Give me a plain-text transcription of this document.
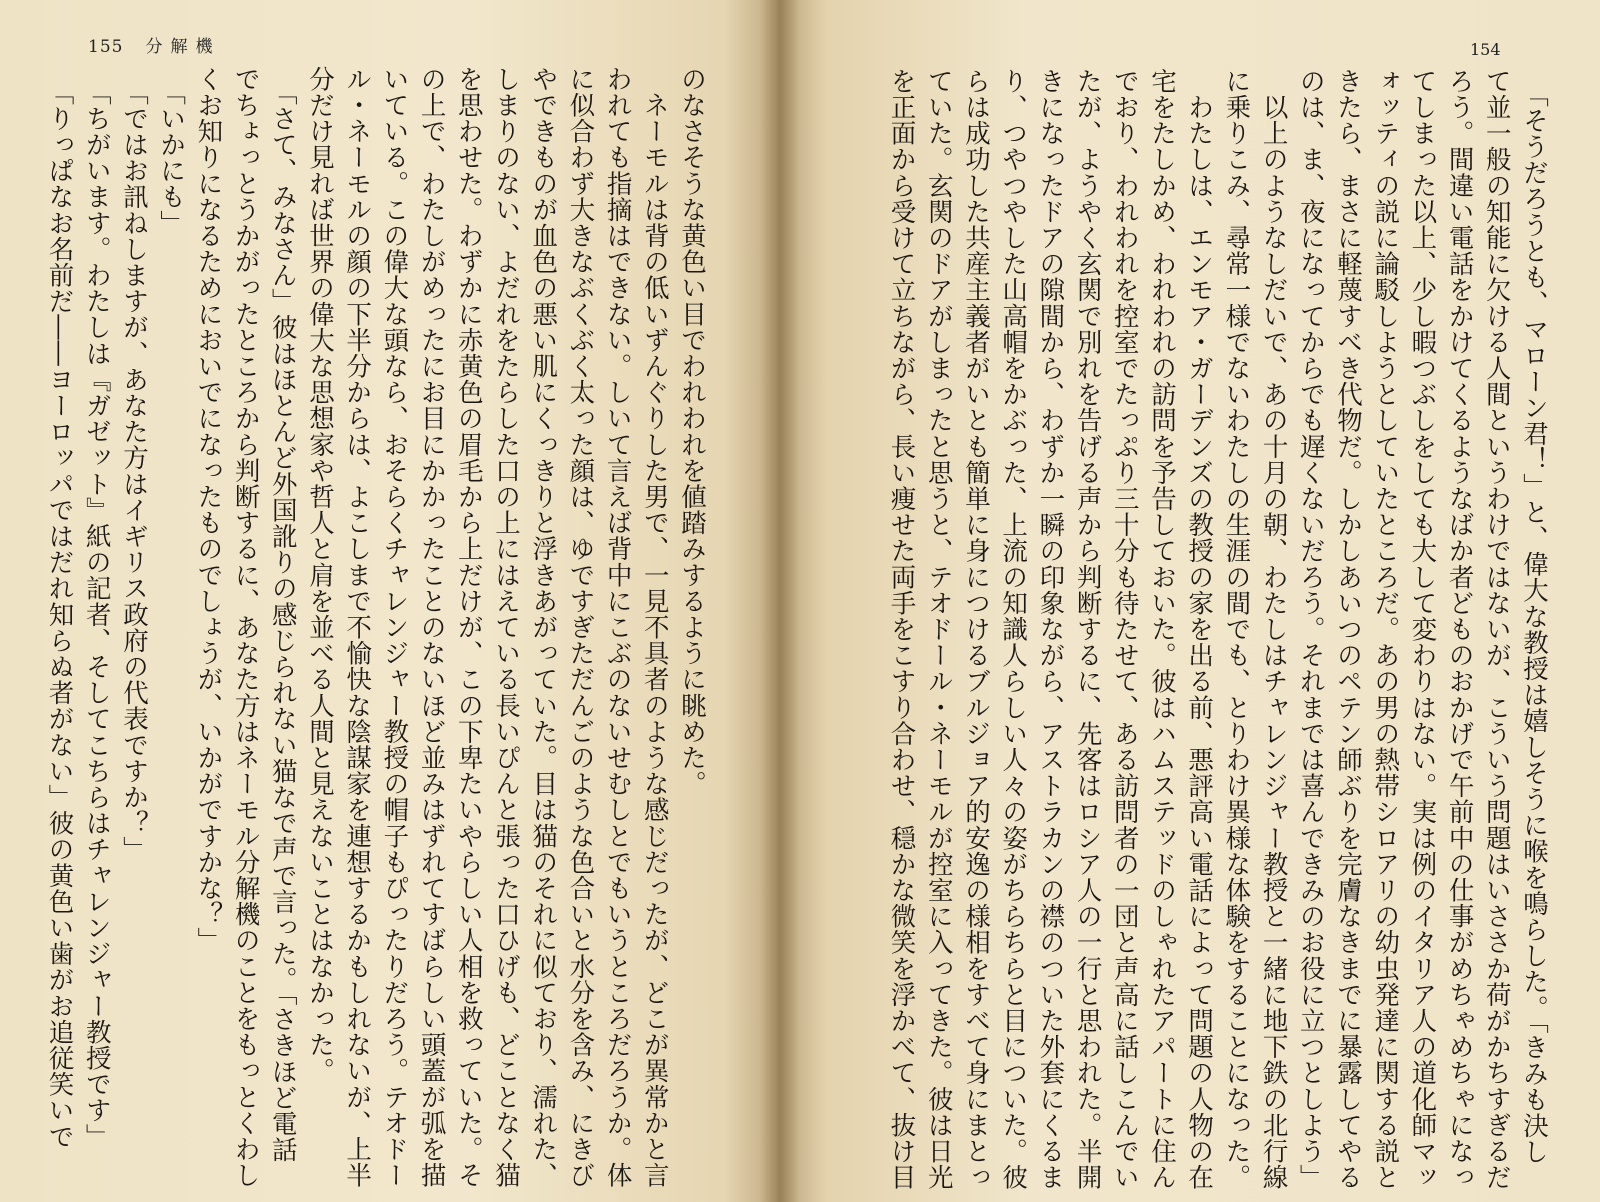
155 分解機
のなさそうな黄色い目でわれわれを値踏みするように眺めた。
　ネーモルは背の低いずんぐりした男で、一見不具者のような感じだったが、どこが異常かと言
われても指摘はできない。しいて言えば背中にこぶのないせむしとでもいうところだろうか。体
に似合わず大きなぶくぶく太った顔は、ゆですぎただんごのような色合いと水分を含み、にきび
やできものが血色の悪い肌にくっきりと浮きあがっていた。目は猫のそれに似ており、濡れた、
しまりのない、よだれをたらした口の上にはえている長いぴんと張った口ひげも、どことなく猫
を思わせた。わずかに赤黄色の眉毛から上だけが、この下卑たいやらしい人相を救っていた。そ
の上で、わたしがめったにお目にかかったことのないほど並みはずれてすばらしい頭蓋が弧を描
いている。この偉大な頭なら、おそらくチャレンジャー教授の帽子もぴったりだろう。テオドー
ル・ネーモルの顔の下半分からは、よこしまで不愉快な陰謀家を連想するかもしれないが、上半
分だけ見れば世界の偉大な思想家や哲人と肩を並べる人間と見えないことはなかった。
　「さて、みなさん」彼はほとんど外国訛りの感じられない猫なで声で言った。「さきほど電話
でちょっとうかがったところから判断するに、あなた方はネーモル分解機のことをもっとくわし
くお知りになるためにおいでになったものでしょうが、いかがですかな？」
　「いかにも」
　「ではお訊ねしますが、あなた方はイギリス政府の代表ですか？」
　「ちがいます。わたしは『ガゼット』紙の記者、そしてこちらはチャレンジャー教授です」
　「りっぱなお名前だ――ヨーロッパではだれ知らぬ者がない」彼の黄色い歯がお追従笑いで
154
　「そうだろうとも、マローン君！」と、偉大な教授は嬉しそうに喉を鳴らした。「きみも決し
て並一般の知能に欠ける人間というわけではないが、こういう問題はいささか荷がかちすぎるだ
ろう。間違い電話をかけてくるようなばか者どものおかげで午前中の仕事がめちゃめちゃになっ
てしまった以上、少し暇つぶしをしても大して変わりはない。実は例のイタリア人の道化師マッ
ォッティの説に論駁しようとしていたところだ。あの男の熱帯シロアリの幼虫発達に関する説と
きたら、まさに軽蔑すべき代物だ。しかしあいつのペテン師ぶりを完膚なきまでに暴露してやる
のは、ま、夜になってからでも遅くないだろう。それまでは喜んできみのお役に立つとしよう」
　以上のようなしだいで、あの十月の朝、わたしはチャレンジャー教授と一緒に地下鉄の北行線
に乗りこみ、尋常一様でないわたしの生涯の間でも、とりわけ異様な体験をすることになった。
　わたしは、エンモア・ガーデンズの教授の家を出る前、悪評高い電話によって問題の人物の在
宅をたしかめ、われわれの訪問を予告しておいた。彼はハムステッドのしゃれたアパートに住ん
でおり、われわれを控室でたっぷり三十分も待たせて、ある訪問者の一団と声高に話しこんでい
たが、ようやく玄関で別れを告げる声から判断するに、先客はロシア人の一行と思われた。半開
きになったドアの隙間から、わずか一瞬の印象ながら、アストラカンの襟のついた外套にくるま
り、つやつやした山高帽をかぶった、上流の知識人らしい人々の姿がちらちらと目についた。彼
らは成功した共産主義者がいとも簡単に身につけるブルジョア的安逸の様相をすべて身にまとっ
ていた。玄関のドアがしまったと思うと、テオドール・ネーモルが控室に入ってきた。彼は日光
を正面から受けて立ちながら、長い痩せた両手をこすり合わせ、穏かな微笑を浮かべて、抜け目
